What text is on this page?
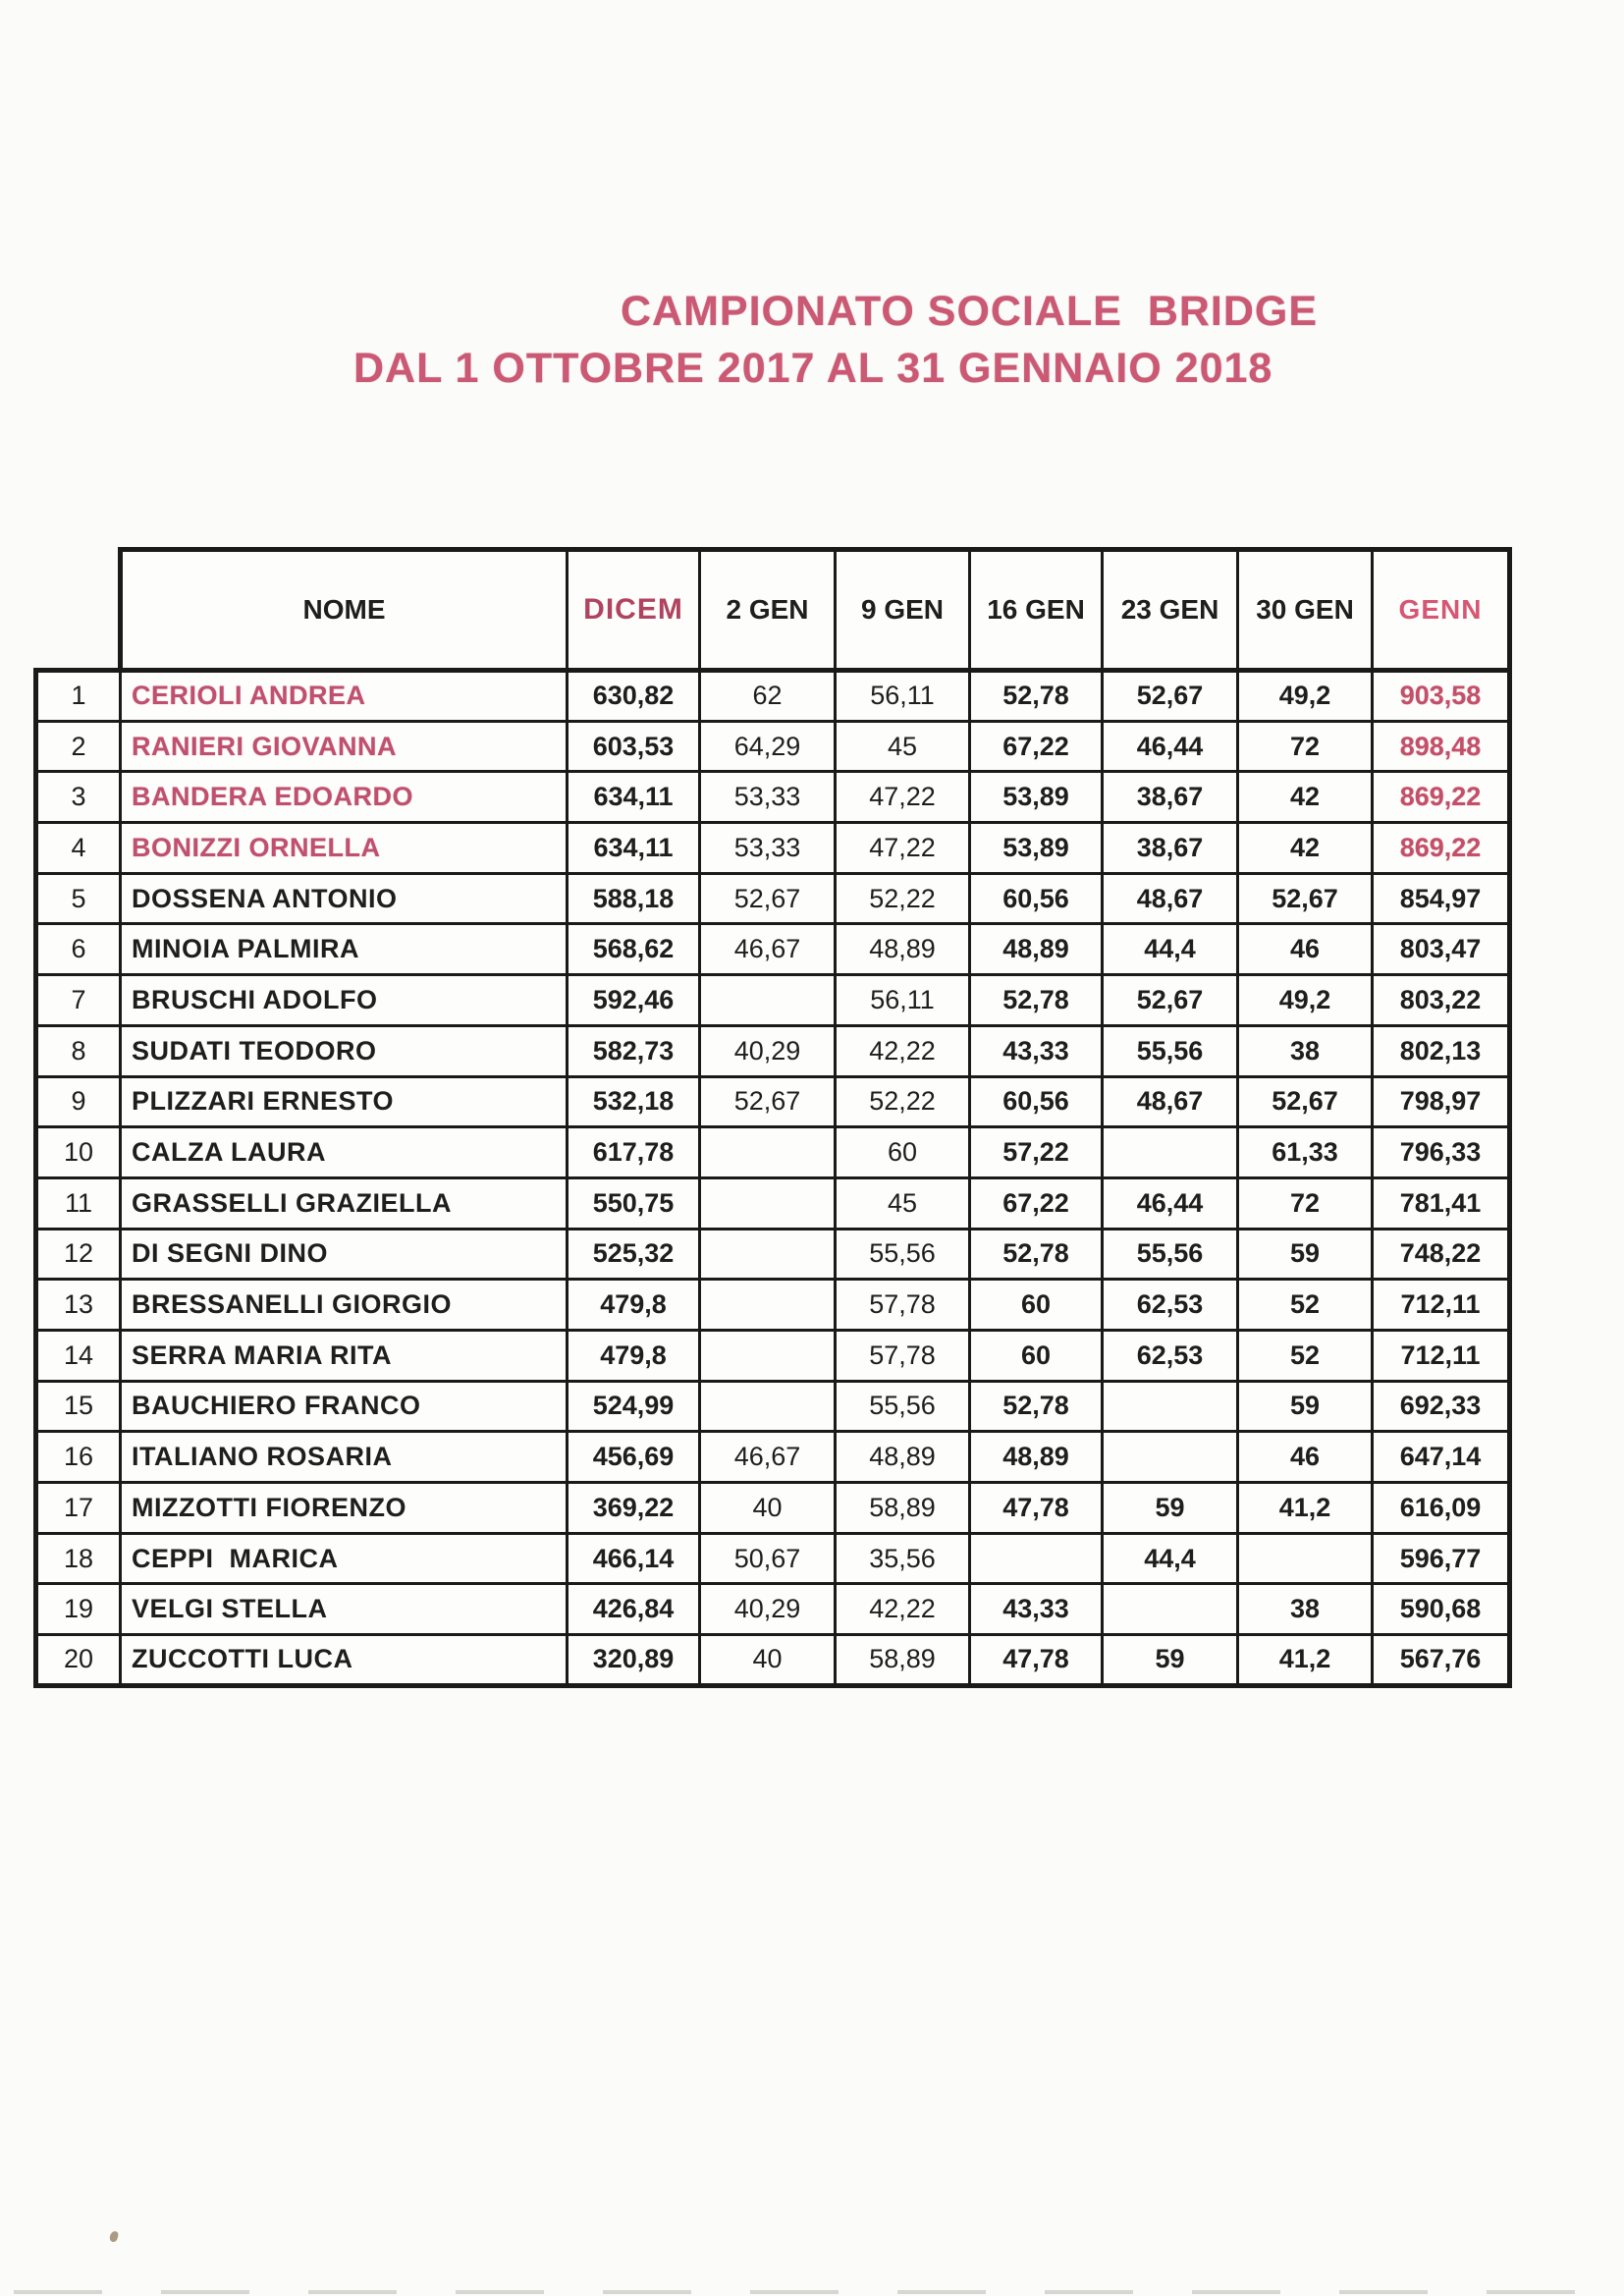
CAMPIONATO SOCIALE  BRIDGE
DAL 1 OTTOBRE 2017 AL 31 GENNAIO 2018
	NOME	DICEM	2 GEN	9 GEN	16 GEN	23 GEN	30 GEN	GENN
1	CERIOLI ANDREA	630,82	62	56,11	52,78	52,67	49,2	903,58
2	RANIERI GIOVANNA	603,53	64,29	45	67,22	46,44	72	898,48
3	BANDERA EDOARDO	634,11	53,33	47,22	53,89	38,67	42	869,22
4	BONIZZI ORNELLA	634,11	53,33	47,22	53,89	38,67	42	869,22
5	DOSSENA ANTONIO	588,18	52,67	52,22	60,56	48,67	52,67	854,97
6	MINOIA PALMIRA	568,62	46,67	48,89	48,89	44,4	46	803,47
7	BRUSCHI ADOLFO	592,46		56,11	52,78	52,67	49,2	803,22
8	SUDATI TEODORO	582,73	40,29	42,22	43,33	55,56	38	802,13
9	PLIZZARI ERNESTO	532,18	52,67	52,22	60,56	48,67	52,67	798,97
10	CALZA LAURA	617,78		60	57,22		61,33	796,33
11	GRASSELLI GRAZIELLA	550,75		45	67,22	46,44	72	781,41
12	DI SEGNI DINO	525,32		55,56	52,78	55,56	59	748,22
13	BRESSANELLI GIORGIO	479,8		57,78	60	62,53	52	712,11
14	SERRA MARIA RITA	479,8		57,78	60	62,53	52	712,11
15	BAUCHIERO FRANCO	524,99		55,56	52,78		59	692,33
16	ITALIANO ROSARIA	456,69	46,67	48,89	48,89		46	647,14
17	MIZZOTTI FIORENZO	369,22	40	58,89	47,78	59	41,2	616,09
18	CEPPI  MARICA	466,14	50,67	35,56		44,4		596,77
19	VELGI STELLA	426,84	40,29	42,22	43,33		38	590,68
20	ZUCCOTTI LUCA	320,89	40	58,89	47,78	59	41,2	567,76
